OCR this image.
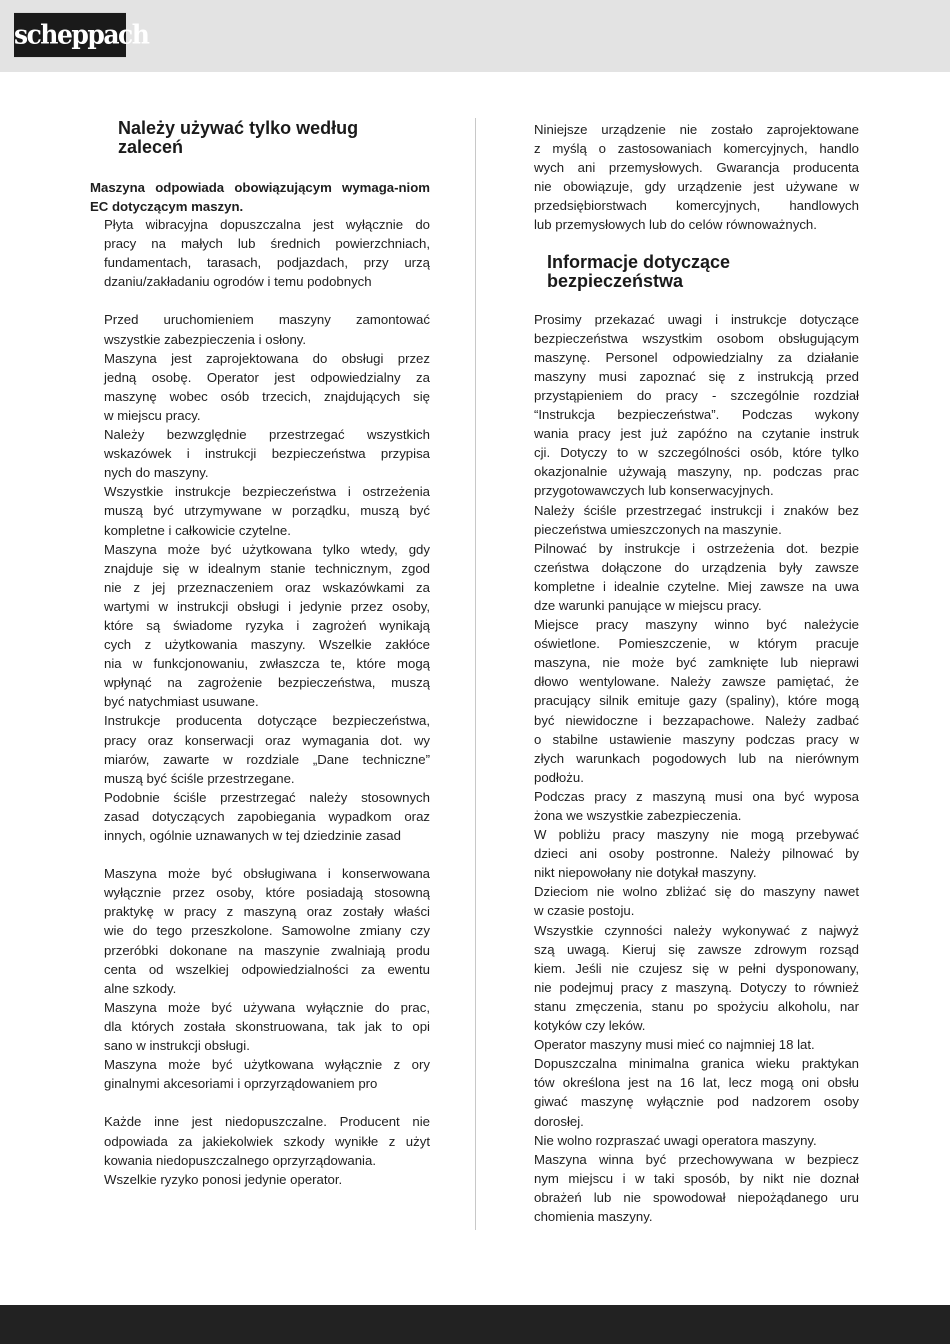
scheppach
Należy używać tylko według
zaleceń
Maszyna odpowiada obowiązującym wymaga-niom EC dotyczącym maszyn.

Płyta wibracyjna dopuszczalna jest wyłącznie do

pracy na małych lub średnich powierzchniach,

fundamentach, tarasach, podjazdach, przy urzą

dzaniu/zakładaniu ogrodów i temu podobnych

Przed uruchomieniem maszyny zamontować

wszystkie zabezpieczenia i osłony.

Maszyna jest zaprojektowana do obsługi przez

jedną osobę. Operator jest odpowiedzialny za

maszynę wobec osób trzecich, znajdujących się

w miejscu pracy.

Należy bezwzględnie przestrzegać wszystkich

wskazówek i instrukcji bezpieczeństwa przypisa

nych do maszyny.

Wszystkie instrukcje bezpieczeństwa i ostrzeżenia

muszą być utrzymywane w porządku, muszą być

kompletne i całkowicie czytelne.

Maszyna może być użytkowana tylko wtedy, gdy

znajduje się w idealnym stanie technicznym, zgod

nie z jej przeznaczeniem oraz wskazówkami za

wartymi w instrukcji obsługi i jedynie przez osoby,

które są świadome ryzyka i zagrożeń wynikają

cych z użytkowania maszyny. Wszelkie zakłóce

nia w funkcjonowaniu, zwłaszcza te, które mogą

wpłynąć na zagrożenie bezpieczeństwa, muszą

być natychmiast usuwane.

Instrukcje producenta dotyczące bezpieczeństwa,

pracy oraz konserwacji oraz wymagania dot. wy

miarów, zawarte w rozdziale „Dane techniczne”

muszą być ściśle przestrzegane.

Podobnie ściśle przestrzegać należy stosownych

zasad dotyczących zapobiegania wypadkom oraz

innych, ogólnie uznawanych w tej dziedzinie zasad

Maszyna może być obsługiwana i konserwowana

wyłącznie przez osoby, które posiadają stosowną

praktykę w pracy z maszyną oraz zostały właści

wie do tego przeszkolone. Samowolne zmiany czy

przeróbki dokonane na maszynie zwalniają produ

centa od wszelkiej odpowiedzialności za ewentu

alne szkody.

Maszyna może być używana wyłącznie do prac,

dla których została skonstruowana, tak jak to opi

sano w instrukcji obsługi.

Maszyna może być użytkowana wyłącznie z ory

ginalnymi akcesoriami i oprzyrządowaniem pro

Każde inne jest niedopuszczalne. Producent nie

odpowiada za jakiekolwiek szkody wynikłe z użyt

kowania niedopuszczalnego oprzyrządowania.

Wszelkie ryzyko ponosi jedynie operator.

Niniejsze urządzenie nie zostało zaprojektowane

z myślą o zastosowaniach komercyjnych, handlo

wych ani przemysłowych. Gwarancja producenta

nie obowiązuje, gdy urządzenie jest używane w

przedsiębiorstwach komercyjnych, handlowych

lub przemysłowych lub do celów równoważnych.

Informacje dotyczące
bezpieczeństwa

Prosimy przekazać uwagi i instrukcje dotyczące

bezpieczeństwa wszystkim osobom obsługującym

maszynę. Personel odpowiedzialny za działanie

maszyny musi zapoznać się z instrukcją przed

przystąpieniem do pracy - szczególnie rozdział

“Instrukcja bezpieczeństwa”. Podczas wykony

wania pracy jest już zapóźno na czytanie instruk

cji. Dotyczy to w szczególności osób, które tylko

okazjonalnie używają maszyny, np. podczas prac

przygotowawczych lub konserwacyjnych.

Należy ściśle przestrzegać instrukcji i znaków bez

pieczeństwa umieszczonych na maszynie.

Pilnować by instrukcje i ostrzeżenia dot. bezpie

czeństwa dołączone do urządzenia były zawsze

kompletne i idealnie czytelne. Miej zawsze na uwa

dze warunki panujące w miejscu pracy.

Miejsce pracy maszyny winno być należycie

oświetlone. Pomieszczenie, w którym pracuje

maszyna, nie może być zamknięte lub nieprawi

dłowo wentylowane. Należy zawsze pamiętać, że

pracujący silnik emituje gazy (spaliny), które mogą

być niewidoczne i bezzapachowe. Należy zadbać

o stabilne ustawienie maszyny podczas pracy w

złych warunkach pogodowych lub na nierównym

podłożu.

Podczas pracy z maszyną musi ona być wyposa

żona we wszystkie zabezpieczenia.

W pobliżu pracy maszyny nie mogą przebywać

dzieci ani osoby postronne. Należy pilnować by

nikt niepowołany nie dotykał maszyny.

Dzieciom nie wolno zbliżać się do maszyny nawet

w czasie postoju.

Wszystkie czynności należy wykonywać z najwyż

szą uwagą. Kieruj się zawsze zdrowym rozsąd

kiem. Jeśli nie czujesz się w pełni dysponowany,

nie podejmuj pracy z maszyną. Dotyczy to również

stanu zmęczenia, stanu po spożyciu alkoholu, nar

kotyków czy leków.

Operator maszyny musi mieć co najmniej 18 lat.

Dopuszczalna minimalna granica wieku praktykan

tów określona jest na 16 lat, lecz mogą oni obsłu

giwać maszynę wyłącznie pod nadzorem osoby

dorosłej.

Nie wolno rozpraszać uwagi operatora maszyny.

Maszyna winna być przechowywana w bezpiecz

nym miejscu i w taki sposób, by nikt nie doznał

obrażeń lub nie spowodował niepożądanego uru

chomienia maszyny.
